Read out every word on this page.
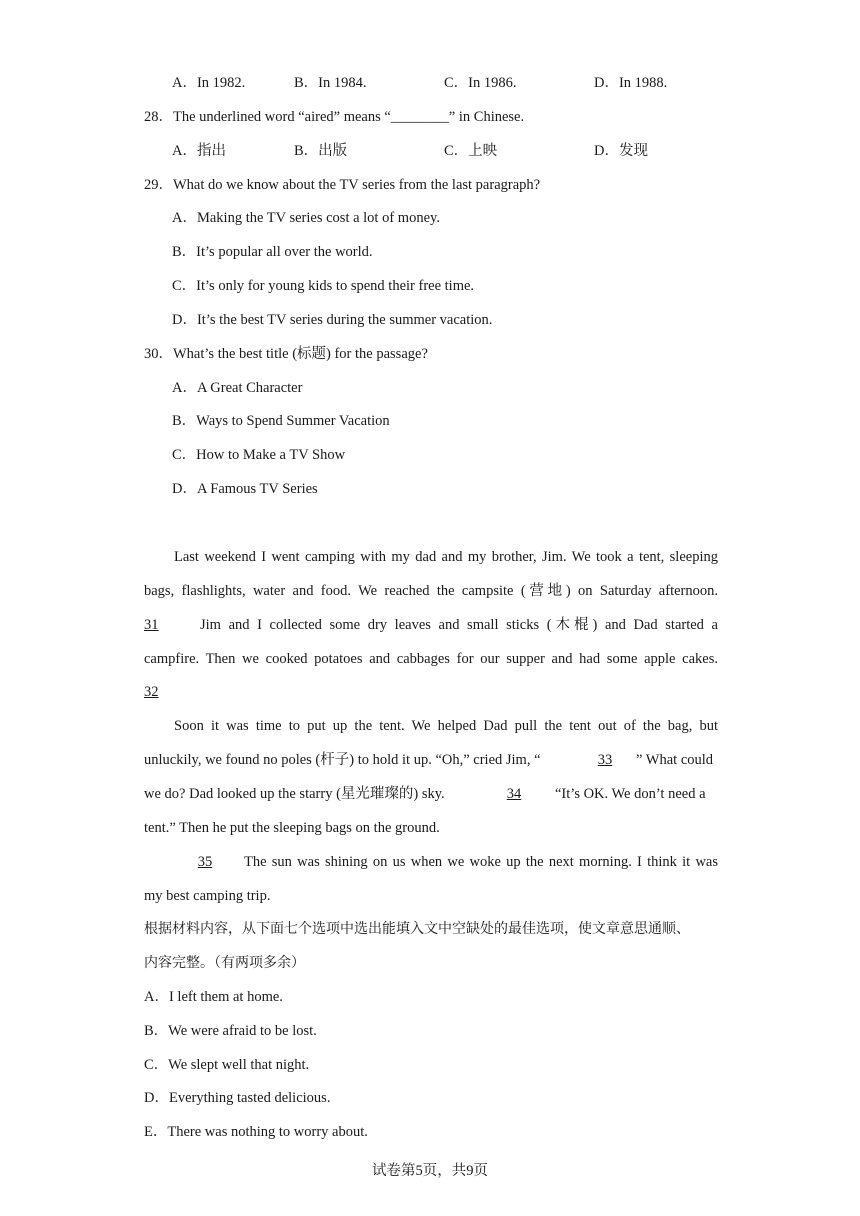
A．In 1982.	B．In 1984.	C．In 1986.	D．In 1988.
28．The underlined word “aired” means “________” in Chinese.
A．指出	B．出版	C．上映	D．发现
29．What do we know about the TV series from the last paragraph?
A．Making the TV series cost a lot of money.
B．It’s popular all over the world.
C．It’s only for young kids to spend their free time.
D．It’s the best TV series during the summer vacation.
30．What’s the best title (标题) for the passage?
A．A Great Character
B．Ways to Spend Summer Vacation
C．How to Make a TV Show
D．A Famous TV Series
Last weekend I went camping with my dad and my brother, Jim. We took a tent, sleeping
bags, flashlights, water and food. We reached the campsite (营地) on Saturday afternoon.
31	Jim and I collected some dry leaves and small sticks (木棍) and Dad started a
campfire. Then we cooked potatoes and cabbages for our supper and had some apple cakes.
32
Soon it was time to put up the tent. We helped Dad pull the tent out of the bag, but
unluckily, we found no poles (杆子) to hold it up. “Oh,” cried Jim, “	33	” What could
we do? Dad looked up the starry (星光璀璨的) sky.	34	“It’s OK. We don’t need a
tent.” Then he put the sleeping bags on the ground.
35	The sun was shining on us when we woke up the next morning. I think it was
my best camping trip.
根据材料内容，从下面七个选项中选出能填入文中空缺处的最佳选项，使文章意思通顺、
内容完整。（有两项多余）
A．I left them at home.
B．We were afraid to be lost.
C．We slept well that night.
D．Everything tasted delicious.
E．There was nothing to worry about.
试卷第5页，共9页
